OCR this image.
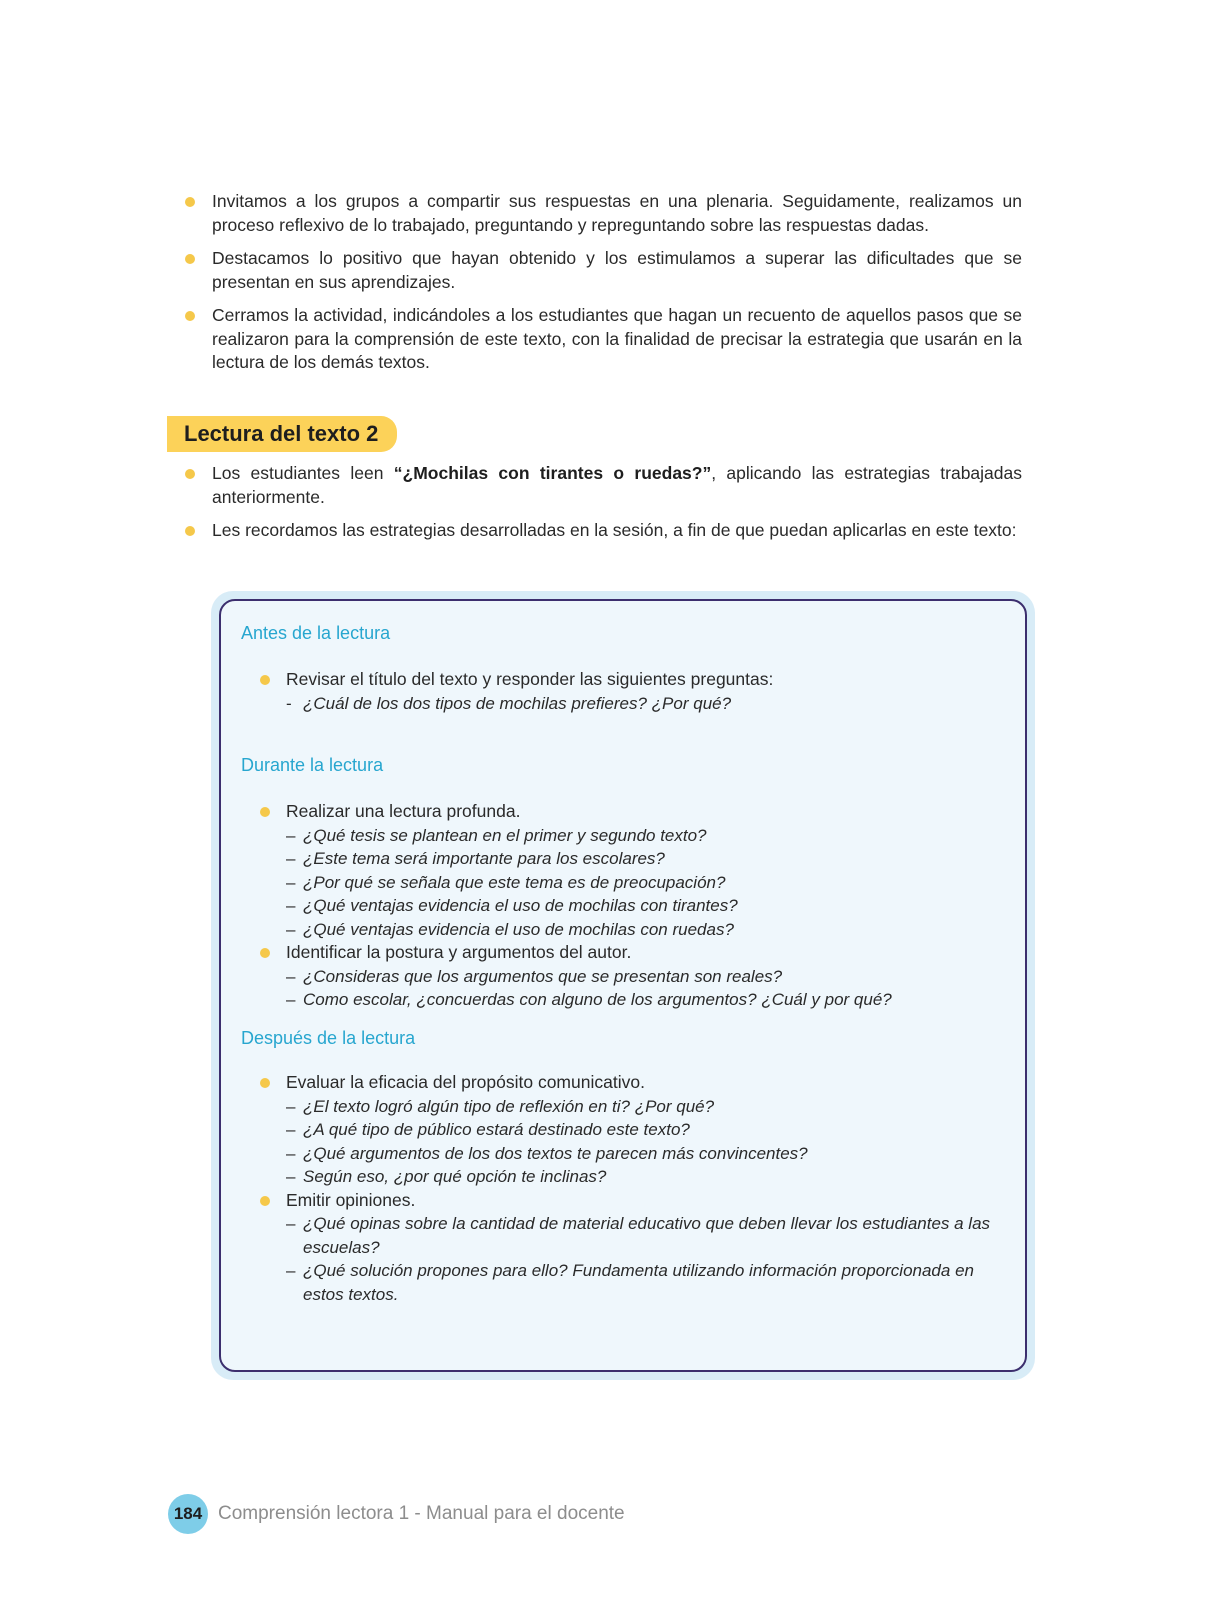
Invitamos a los grupos a compartir sus respuestas en una plenaria. Seguidamente, realizamos un proceso reflexivo de lo trabajado, preguntando y repreguntando sobre las respuestas dadas.
Destacamos lo positivo que hayan obtenido y los estimulamos a superar las dificultades que se presentan en sus aprendizajes.
Cerramos la actividad, indicándoles a los estudiantes que hagan un recuento de aquellos pasos que se realizaron para la comprensión de este texto, con la finalidad de precisar la estrategia que usarán en la lectura de los demás textos.
Lectura del texto 2
Los estudiantes leen “¿Mochilas con tirantes o ruedas?”, aplicando las estrategias trabajadas anteriormente.
Les recordamos las estrategias desarrolladas en la sesión, a fin de que puedan aplicarlas en este texto:
Antes de la lectura
Revisar el título del texto y responder las siguientes preguntas:
- ¿Cuál de los dos tipos de mochilas prefieres? ¿Por qué?
Durante la lectura
Realizar una lectura profunda.
– ¿Qué tesis se plantean en el primer y segundo texto?
– ¿Este tema será importante para los escolares?
– ¿Por qué se señala que este tema es de preocupación?
– ¿Qué ventajas evidencia el uso de mochilas con tirantes?
– ¿Qué ventajas evidencia el uso de mochilas con ruedas?
Identificar la postura y argumentos del autor.
– ¿Consideras que los argumentos que se presentan son reales?
– Como escolar, ¿concuerdas con alguno de los argumentos? ¿Cuál y por qué?
Después de la lectura
Evaluar la eficacia del propósito comunicativo.
– ¿El texto logró algún tipo de reflexión en ti? ¿Por qué?
– ¿A qué tipo de público estará destinado este texto?
– ¿Qué argumentos de los dos textos te parecen más convincentes?
– Según eso, ¿por qué opción te inclinas?
Emitir opiniones.
– ¿Qué opinas sobre la cantidad de material educativo que deben llevar los estudiantes a las escuelas?
– ¿Qué solución propones para ello? Fundamenta utilizando información proporcionada en estos textos.
184 Comprensión lectora 1 - Manual para el docente
